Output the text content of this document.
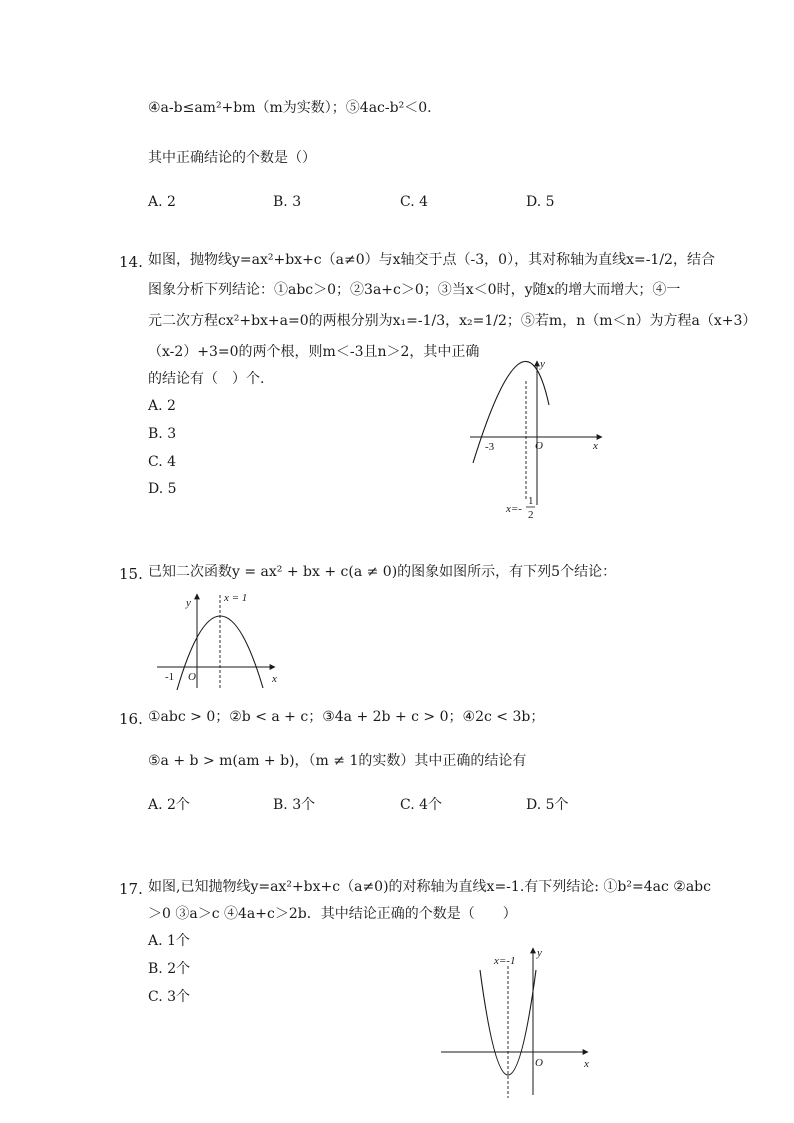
④a-b≤am²+bm（m为实数）；⑤4ac-b²＜0.
其中正确结论的个数是（）
A. 2	B. 3	C. 4	D. 5
14. 如图，抛物线y=ax²+bx+c（a≠0）与x轴交于点（-3，0），其对称轴为直线x=-1/2，结合
图象分析下列结论：①abc＞0；②3a+c＞0；③当x＜0时，y随x的增大而增大；④一
元二次方程cx²+bx+a=0的两根分别为x₁=-1/3，x₂=1/2；⑤若m，n（m＜n）为方程a（x+3）
（x-2）+3=0的两个根，则m＜-3且n＞2，其中正确
的结论有（　）个.
A. 2
B. 3
C. 4
D. 5
y
x
O
-3
x=-
1
2
15. 已知二次函数y = ax² + bx + c(a ≠ 0)的图象如图所示，有下列5个结论：
x = 1
y
x
O
-1
16. ①abc > 0；②b < a + c；③4a + 2b + c > 0；④2c < 3b；
⑤a + b > m(am + b)，（m ≠ 1的实数）其中正确的结论有
A. 2个	B. 3个	C. 4个	D. 5个
17. 如图,已知抛物线y=ax²+bx+c（a≠0)的对称轴为直线x=-1.有下列结论: ①b²=4ac ②abc
＞0 ③a＞c ④4a+c＞2b．其中结论正确的个数是（　　）
A. 1个
B. 2个
C. 3个
x=-1
y
x
O
